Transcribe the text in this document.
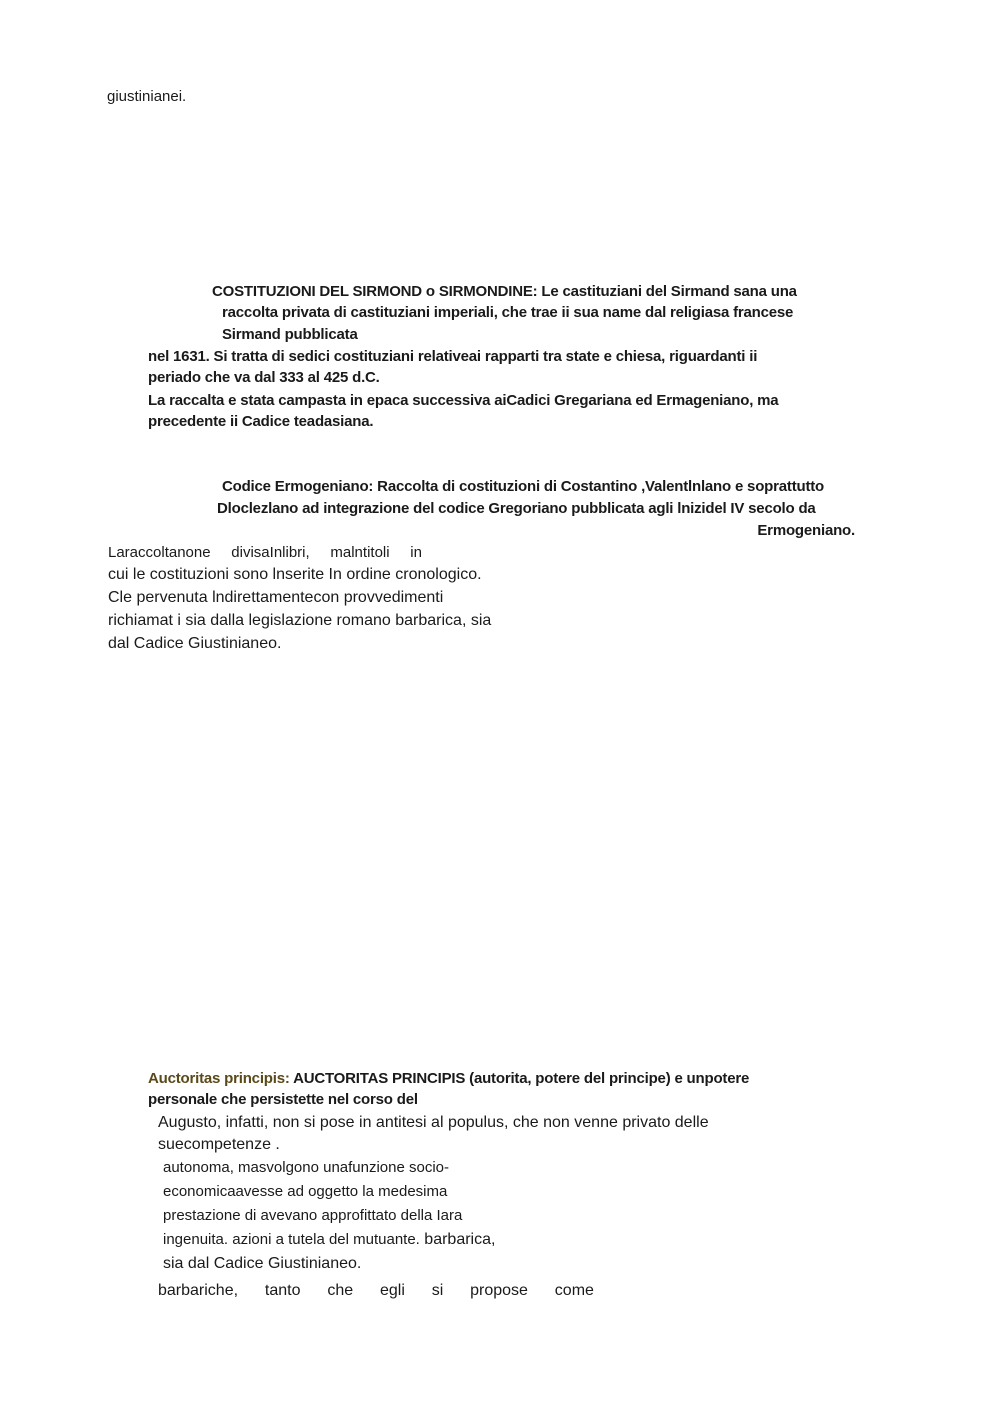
giustinianei.
COSTITUZIONI DEL SIRMOND o SIRMONDINE: Le castituziani del Sirmand sana una
raccolta privata di castituziani imperiali, che trae ii sua name dal religiasa francese
Sirmand pubblicata
nel 1631. Si tratta di sedici costituziani relativeai rapparti tra state e chiesa, riguardanti ii
periado che va dal 333 al 425 d.C.
La raccalta e stata campasta in epaca successiva aiCadici Gregariana ed Ermageniano, ma
precedente ii Cadice teadasiana.
Codice Ermogeniano: Raccolta di costituzioni di Costantino ,Valentlnlano e soprattutto
Dloclezlano ad integrazione del codice Gregoriano pubblicata agli lnizidel IV secolo da
Ermogeniano.
Laraccoltanone divisaInlibri, malntitoli in
cui le costituzioni sono lnserite In ordine cronologico.
Cle pervenuta lndirettamentecon provvedimenti
richiamat i sia dalla legislazione romano barbarica, sia
dal Cadice Giustinianeo.
Auctoritas principis: AUCTORITAS PRINCIPIS (autorita, potere del principe) e unpotere
personale che persistette nel corso del
Augusto, infatti, non si pose in antitesi al populus, che non venne privato delle
suecompetenze .
autonoma, masvolgono unafunzione socio-
economicaavesse ad oggetto la medesima
prestazione di avevano approfittato della Iara
ingenuita. azioni a tutela del mutuante. barbarica,
sia dal Cadice Giustinianeo.
barbariche, tanto che egli si propose come
